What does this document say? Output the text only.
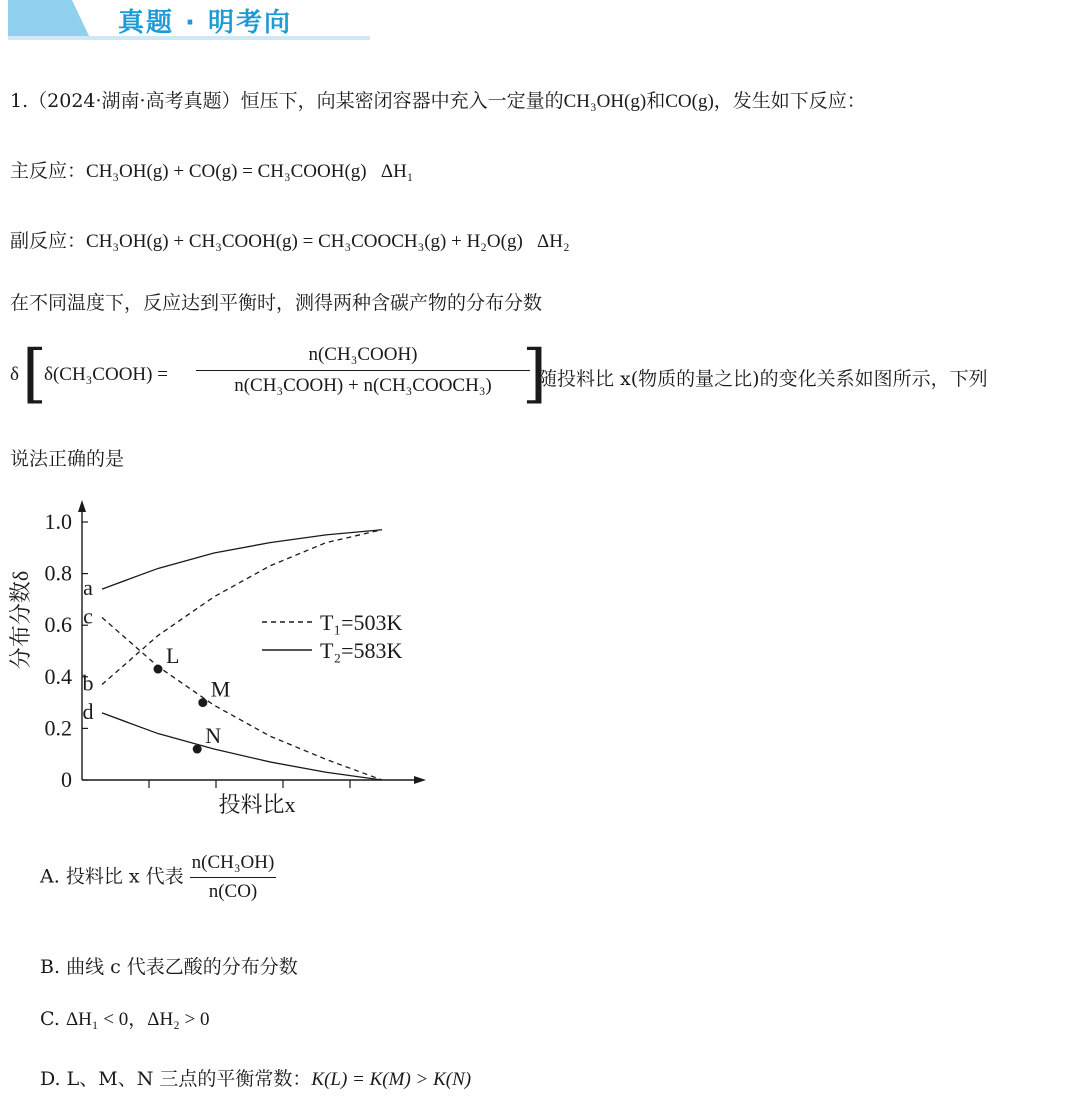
真题 · 明考向
1.（2024·湖南·高考真题）恒压下，向某密闭容器中充入一定量的CH₃OH(g)和CO(g)，发生如下反应：
主反应：CH₃OH(g) + CO(g) = CH₃COOH(g)   ΔH₁
副反应：CH₃OH(g) + CH₃COOH(g) = CH₃COOCH₃(g) + H₂O(g)   ΔH₂
在不同温度下，反应达到平衡时，测得两种含碳产物的分布分数
δ [
δ(CH₃COOH) =
n(CH₃COOH)
n(CH₃COOH) + n(CH₃COOCH₃) ]
随投料比 x(物质的量之比)的变化关系如图所示，下列
说法正确的是
0
0.2
0.4
0.6
0.8
1.0
分布分数δ
投料比x
a
b
c
d
L
M
N
T₁=503K
T₂=583K
A. 投料比 x 代表 $\frac{\text{n(CH₃OH)}}{n(CO)}$
B. 曲线 c 代表乙酸的分布分数
C. ΔH₁ < 0，ΔH₂ > 0
D. L、M、N 三点的平衡常数：K(L) = K(M) > K(N)
